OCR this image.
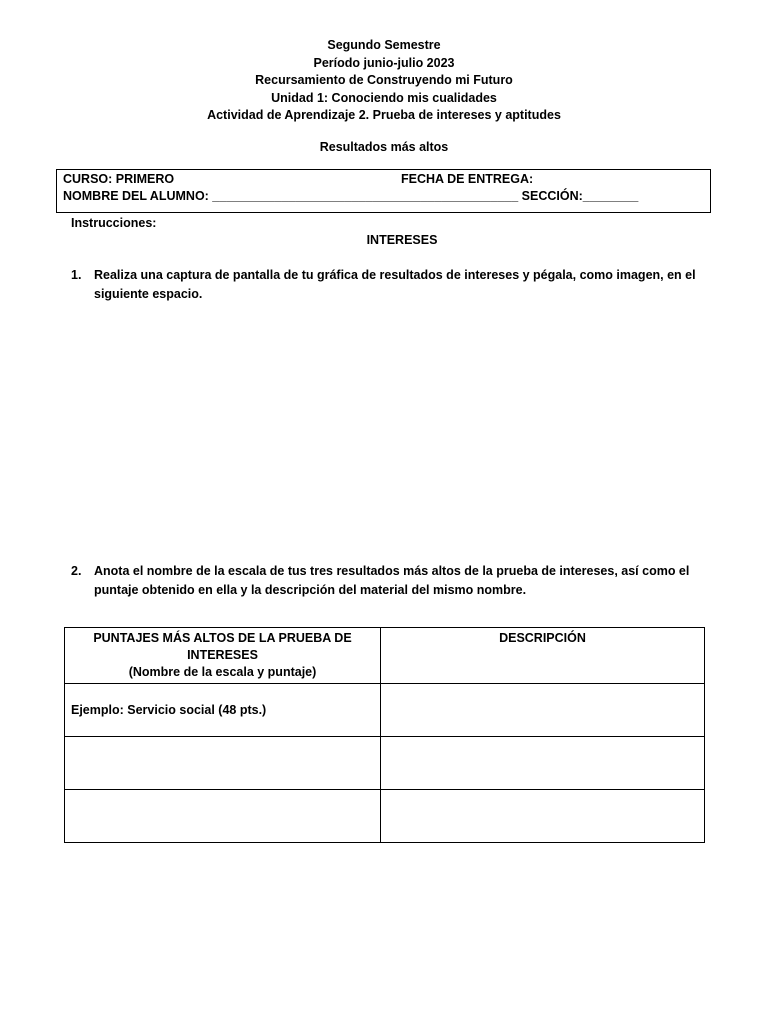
Segundo Semestre
Período junio-julio 2023
Recursamiento de Construyendo mi Futuro
Unidad 1: Conociendo mis cualidades
Actividad de Aprendizaje 2. Prueba de intereses y aptitudes
Resultados más altos
CURSO: PRIMERO	FECHA DE ENTREGA:
NOMBRE DEL ALUMNO: ____________________________________________ SECCIÓN:________
Instrucciones:
INTERESES
1. Realiza una captura de pantalla de tu gráfica de resultados de intereses y pégala, como imagen, en el siguiente espacio.
2. Anota el nombre de la escala de tus tres resultados más altos de la prueba de intereses, así como el puntaje obtenido en ella y la descripción del material del mismo nombre.
PUNTAJES MÁS ALTOS DE LA PRUEBA DE INTERESES
(Nombre de la escala y puntaje)	DESCRIPCIÓN
Ejemplo: Servicio social (48 pts.)	
